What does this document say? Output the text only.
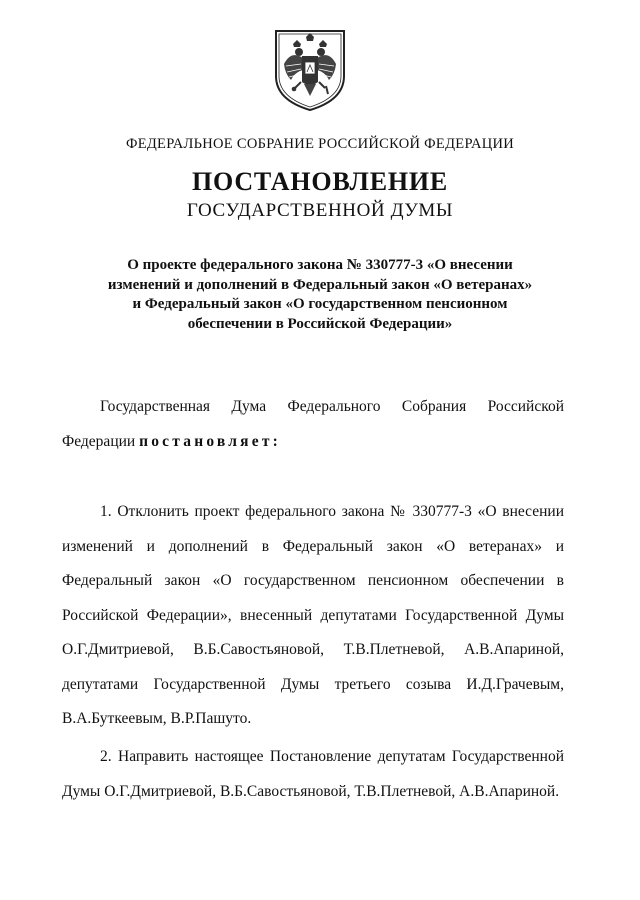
ФЕДЕРАЛЬНОЕ СОБРАНИЕ РОССИЙСКОЙ ФЕДЕРАЦИИ
ПОСТАНОВЛЕНИЕ
ГОСУДАРСТВЕННОЙ ДУМЫ
О проекте федерального закона № 330777-3 «О внесении
изменений и дополнений в Федеральный закон «О ветеранах»
и Федеральный закон «О государственном пенсионном
обеспечении в Российской Федерации»
Государственная Дума Федерального Собрания Российской Федерации постановляет:
1. Отклонить проект федерального закона № 330777-3 «О внесении изменений и дополнений в Федеральный закон «О ветеранах» и Федеральный закон «О государственном пенсионном обеспечении в Российской Федерации», внесенный депутатами Государственной Думы О.Г.Дмитриевой, В.Б.Савостьяновой, Т.В.Плетневой, А.В.Апариной, депутатами Государственной Думы третьего созыва И.Д.Грачевым, В.А.Буткеевым, В.Р.Пашуто.
2. Направить настоящее Постановление депутатам Государственной Думы О.Г.Дмитриевой, В.Б.Савостьяновой, Т.В.Плетневой, А.В.Апариной.
